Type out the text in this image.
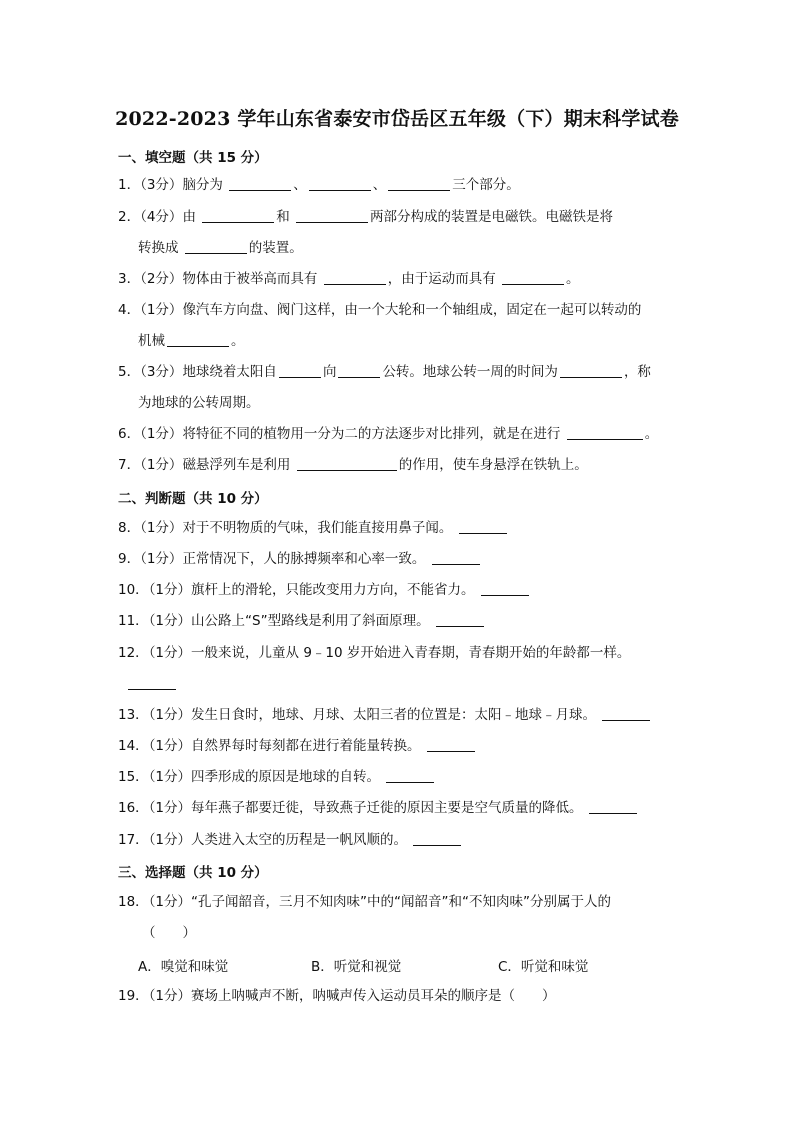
2022-2023 学年山东省泰安市岱岳区五年级（下）期末科学试卷
一、填空题（共 15 分）
1．（3分）脑分为	、	、	三个部分。
2．（4分）由	和	两部分构成的装置是电磁铁。电磁铁是将
转换成	的装置。
3．（2分）物体由于被举高而具有	，由于运动而具有	。
4．（1分）像汽车方向盘、阀门这样，由一个大轮和一个轴组成，固定在一起可以转动的
机械	。
5．（3分）地球绕着太阳自	向	公转。地球公转一周的时间为	，称
为地球的公转周期。
6．（1分）将特征不同的植物用一分为二的方法逐步对比排列，就是在进行	。
7．（1分）磁悬浮列车是利用	的作用，使车身悬浮在铁轨上。
二、判断题（共 10 分）
8．（1分）对于不明物质的气味，我们能直接用鼻子闻。
9．（1分）正常情况下，人的脉搏频率和心率一致。
10．（1分）旗杆上的滑轮，只能改变用力方向，不能省力。
11．（1分）山公路上“S”型路线是利用了斜面原理。
12．（1分）一般来说，儿童从 9﹣10 岁开始进入青春期，青春期开始的年龄都一样。
13．（1分）发生日食时，地球、月球、太阳三者的位置是：太阳﹣地球﹣月球。
14．（1分）自然界每时每刻都在进行着能量转换。
15．（1分）四季形成的原因是地球的自转。
16．（1分）每年燕子都要迁徙，导致燕子迁徙的原因主要是空气质量的降低。
17．（1分）人类进入太空的历程是一帆风顺的。
三、选择题（共 10 分）
18．（1分）“孔子闻韶音，三月不知肉味”中的“闻韶音”和“不知肉味”分别属于人的
（　　）
A．嗅觉和味觉	B．听觉和视觉	C．听觉和味觉
19．（1分）赛场上呐喊声不断，呐喊声传入运动员耳朵的顺序是（　　）
